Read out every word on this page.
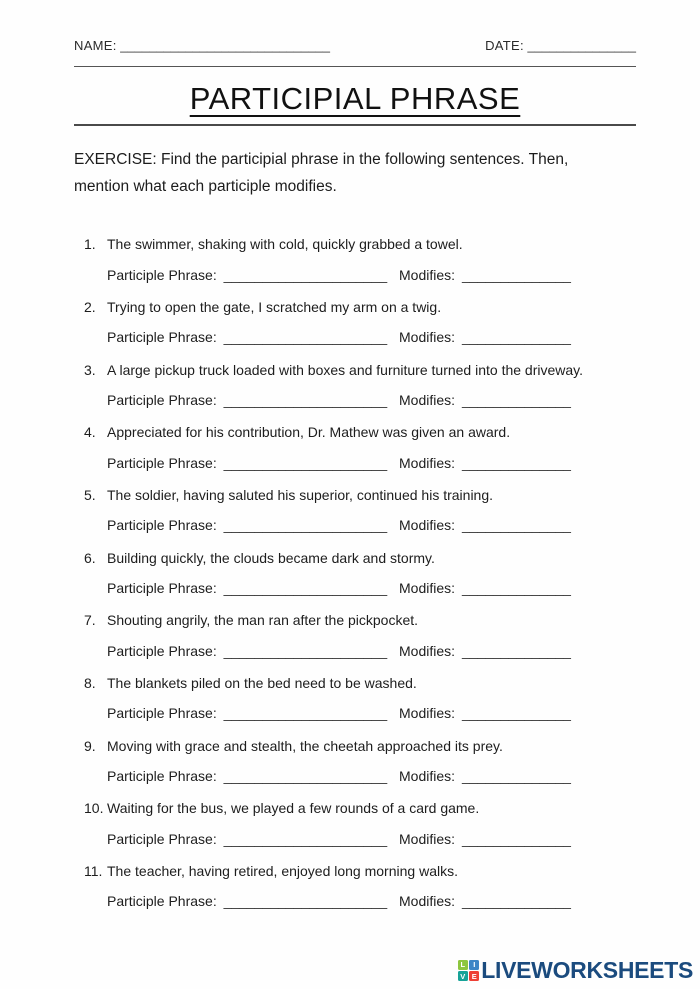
NAME: _____________________________	DATE: _______________
PARTICIPIAL PHRASE

EXERCISE: Find the participial phrase in the following sentences. Then, mention what each participle modifies.

1. The swimmer, shaking with cold, quickly grabbed a towel.
Participle Phrase: _____________________ Modifies: ______________
2. Trying to open the gate, I scratched my arm on a twig.
Participle Phrase: _____________________ Modifies: ______________
3. A large pickup truck loaded with boxes and furniture turned into the driveway.
Participle Phrase: _____________________ Modifies: ______________
4. Appreciated for his contribution, Dr. Mathew was given an award.
Participle Phrase: _____________________ Modifies: ______________
5. The soldier, having saluted his superior, continued his training.
Participle Phrase: _____________________ Modifies: ______________
6. Building quickly, the clouds became dark and stormy.
Participle Phrase: _____________________ Modifies: ______________
7. Shouting angrily, the man ran after the pickpocket.
Participle Phrase: _____________________ Modifies: ______________
8. The blankets piled on the bed need to be washed.
Participle Phrase: _____________________ Modifies: ______________
9. Moving with grace and stealth, the cheetah approached its prey.
Participle Phrase: _____________________ Modifies: ______________
10. Waiting for the bus, we played a few rounds of a card game.
Participle Phrase: _____________________ Modifies: ______________
11. The teacher, having retired, enjoyed long morning walks.
Participle Phrase: _____________________ Modifies: ______________
L	I
V E LIVEWORKSHEETS
